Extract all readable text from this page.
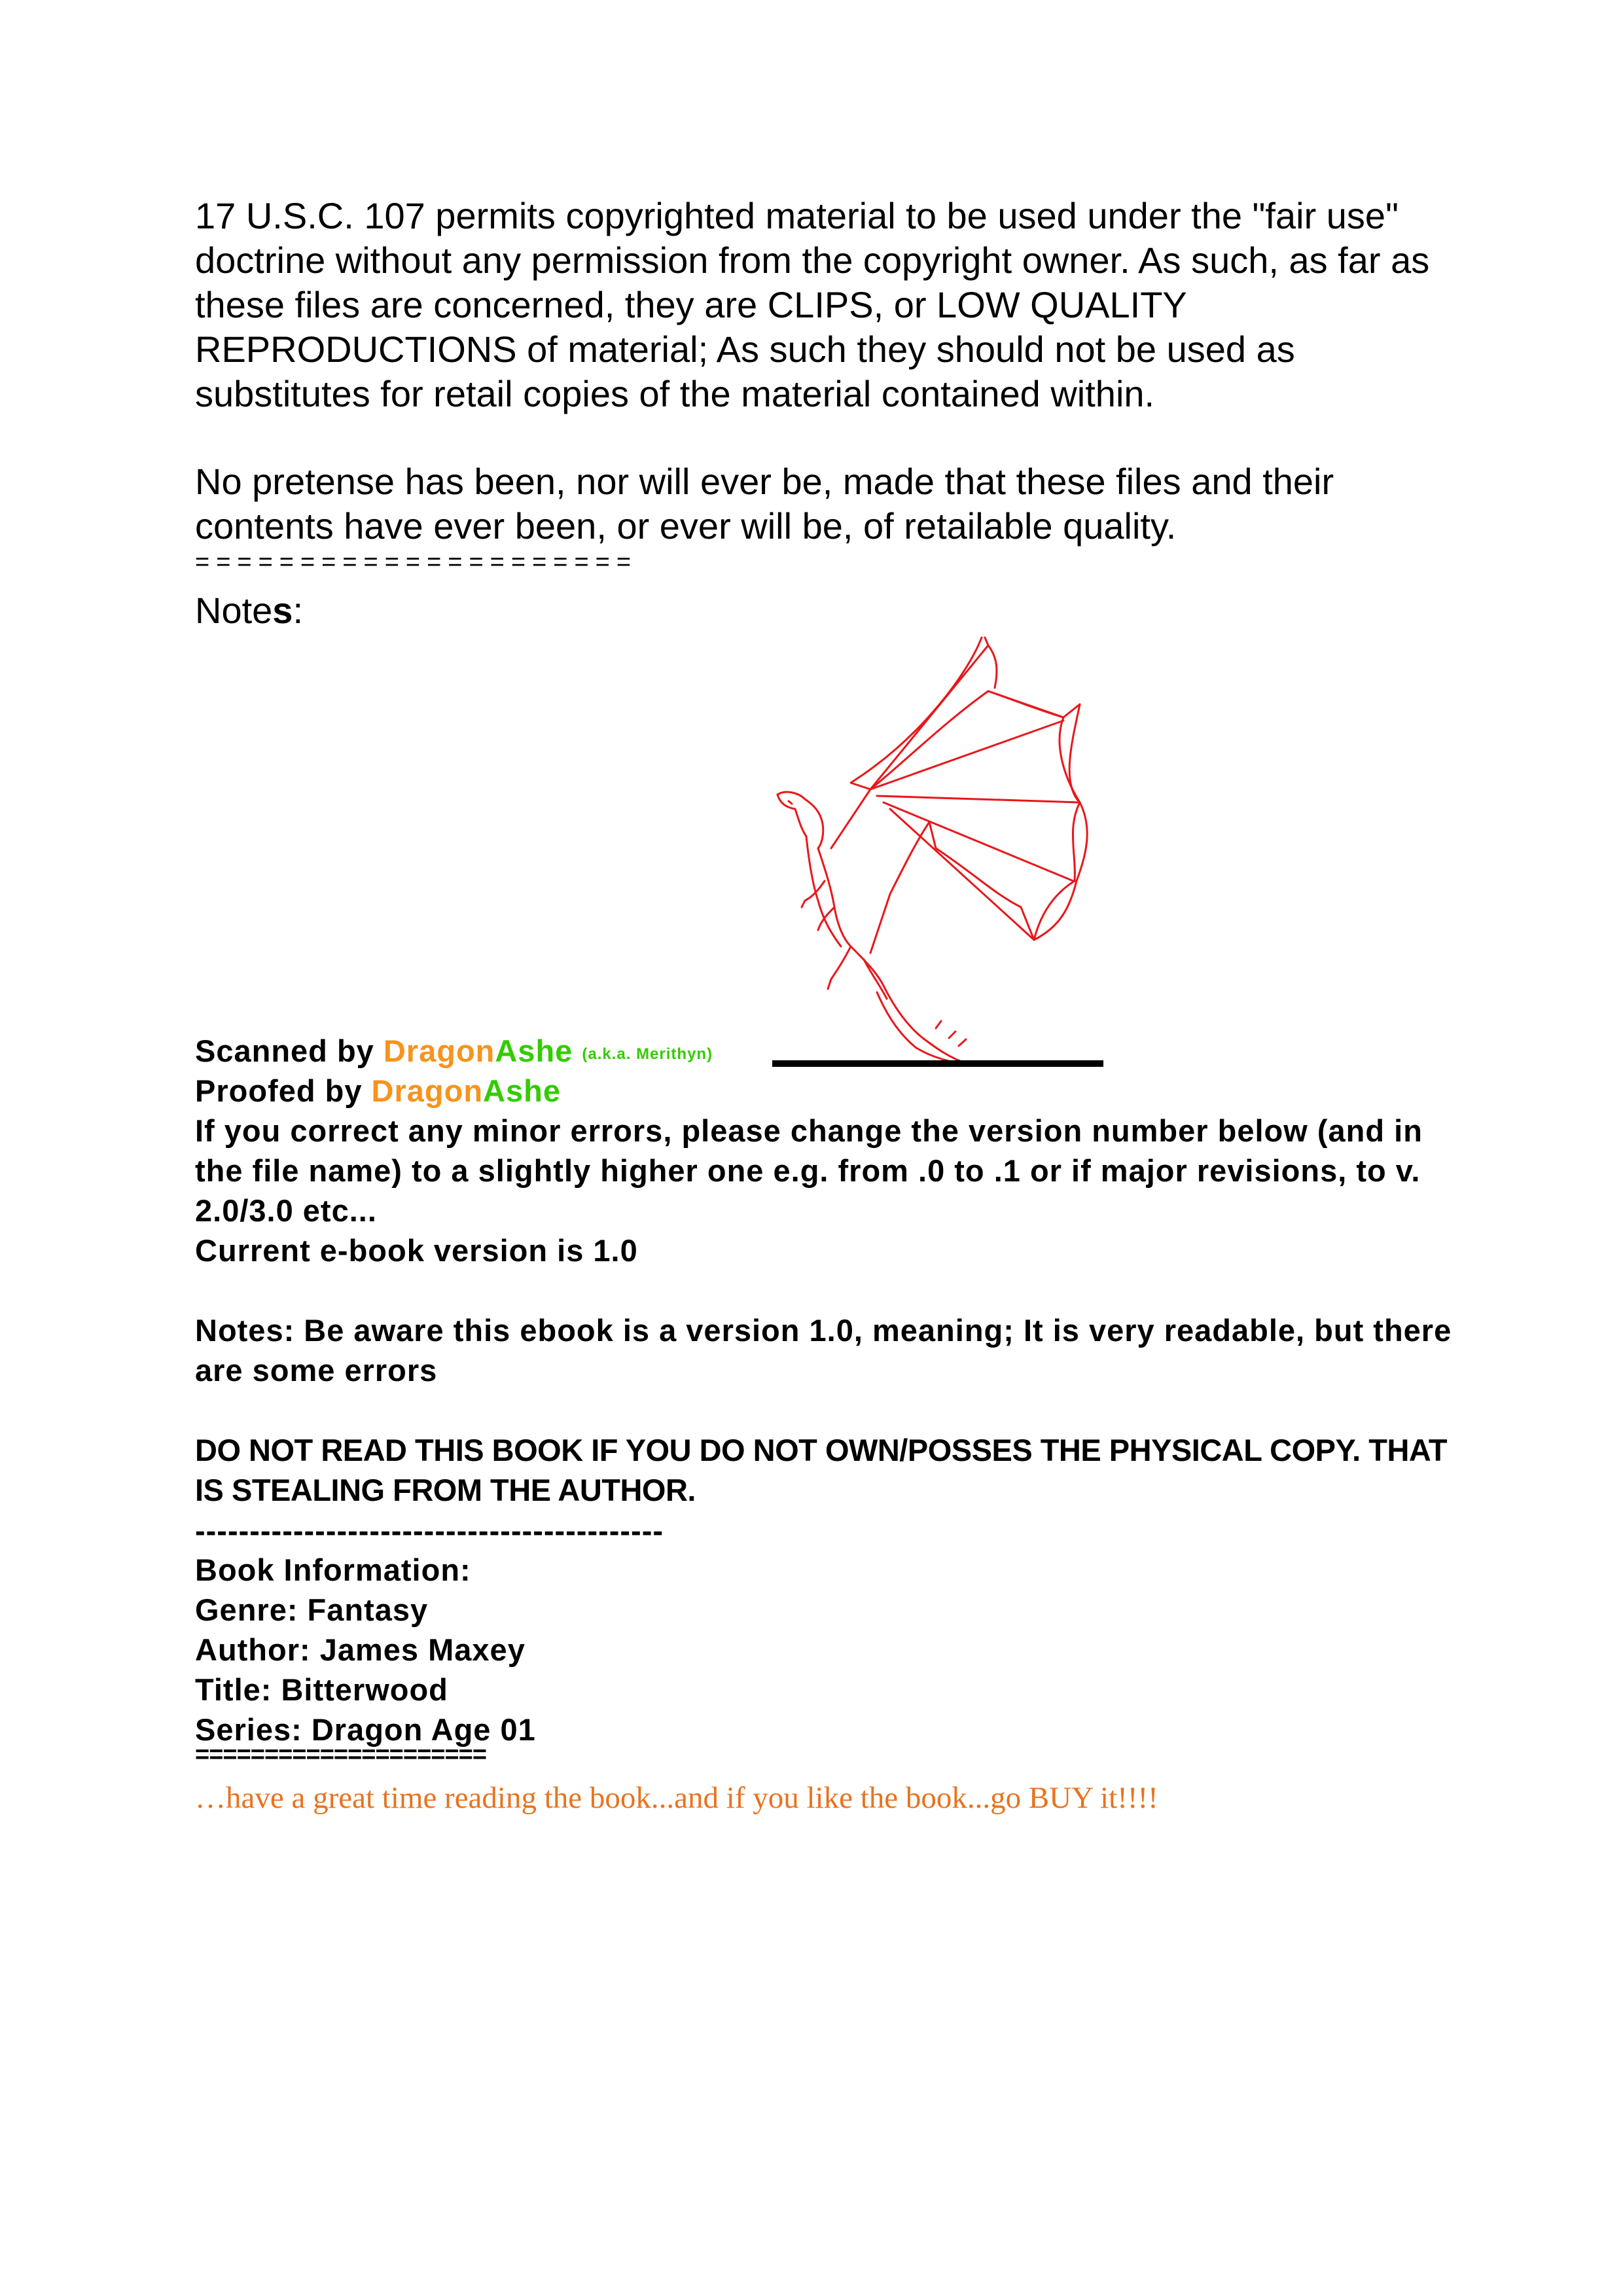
17 U.S.C. 107 permits copyrighted material to be used under the "fair use" doctrine without any permission from the copyright owner. As such, as far as these files are concerned, they are CLIPS, or LOW QUALITY REPRODUCTIONS of material; As such they should not be used as substitutes for retail copies of the material contained within.

No pretense has been, nor will ever be, made that these files and their contents have ever been, or ever will be, of retailable quality.

=====================

Notes:

Scanned by DragonAshe (a.k.a. Merithyn)

Proofed by DragonAshe

If you correct any minor errors, please change the version number below (and in the file name) to a slightly higher one e.g. from .0 to .1 or if major revisions, to v. 2.0/3.0 etc...

Current e-book version is 1.0

Notes: Be aware this ebook is a version 1.0, meaning; It is very readable, but there are some errors

DO NOT READ THIS BOOK IF YOU DO NOT OWN/POSSES THE PHYSICAL COPY. THAT IS STEALING FROM THE AUTHOR.

-------------------------------------------

Book Information:

Genre: Fantasy

Author: James Maxey

Title: Bitterwood

Series: Dragon Age 01

=====================

…have a great time reading the book...and if you like the book...go BUY it!!!!
